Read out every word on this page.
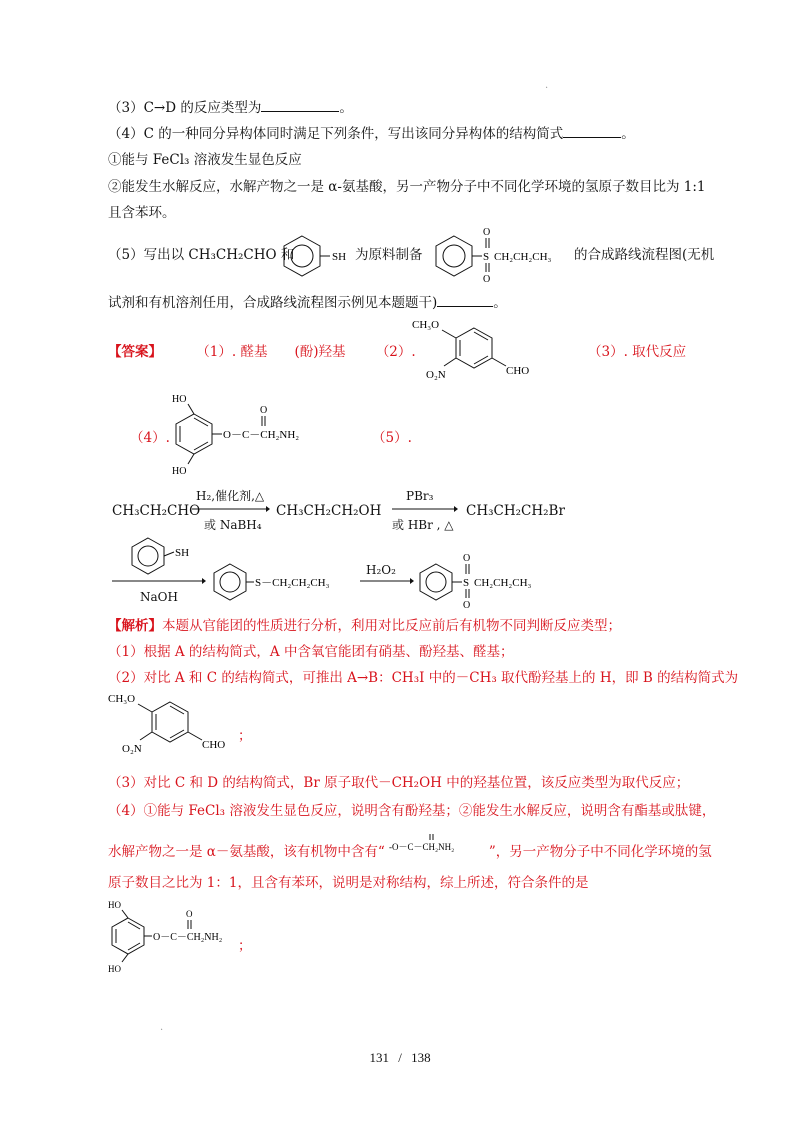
.
（3）C→D 的反应类型为	。
（4）C 的一种同分异构体同时满足下列条件，写出该同分异构体的结构简式	。
①能与 FeCl₃ 溶液发生显色反应
②能发生水解反应，水解产物之一是 α-氨基酸，另一产物分子中不同化学环境的氢原子数目比为 1:1
且含苯环。
（5）写出以 CH₃CH₂CHO 和	SH 为原料制备	S
O
O
CH₂CH₂CH₃ 的合成路线流程图(无机
试剂和有机溶剂任用，合成路线流程图示例见本题题干)	。
【答案】	（1）. 醛基　　(酚)羟基 （2）.
CH₃O
O₂N	CHO
（3）. 取代反应
（4）.
HO
HO
O－C－CH₂NH₂
O
（5）.
CH₃CH₂CHO
H₂,催化剂,△
或 NaBH₄
CH₃CH₂CH₂OH
PBr₃
或 HBr , △
CH₃CH₂CH₂Br
SH
NaOH
S－CH₂CH₂CH₃
H₂O₂
S
O
O
CH₂CH₂CH₃
【解析】本题从官能团的性质进行分析，利用对比反应前后有机物不同判断反应类型；
（1）根据 A 的结构简式，A 中含氧官能团有硝基、酚羟基、醛基；
（2）对比 A 和 C 的结构简式，可推出 A→B：CH₃I 中的－CH₃ 取代酚羟基上的 H，即 B 的结构简式为
CH₃O
O₂N	CHO
；
（3）对比 C 和 D 的结构简式，Br 原子取代－CH₂OH 中的羟基位置，该反应类型为取代反应；
（4）①能与 FeCl₃ 溶液发生显色反应，说明含有酚羟基；②能发生水解反应，说明含有酯基或肽键，
水解产物之一是 α－氨基酸，该有机物中含有“ -O－C－CH₂NH₂	”，另一产物分子中不同化学环境的氢
原子数目之比为 1：1，且含有苯环，说明是对称结构，综上所述，符合条件的是
HO
HO
O－C－CH₂NH₂
O
；
.
131 / 138
